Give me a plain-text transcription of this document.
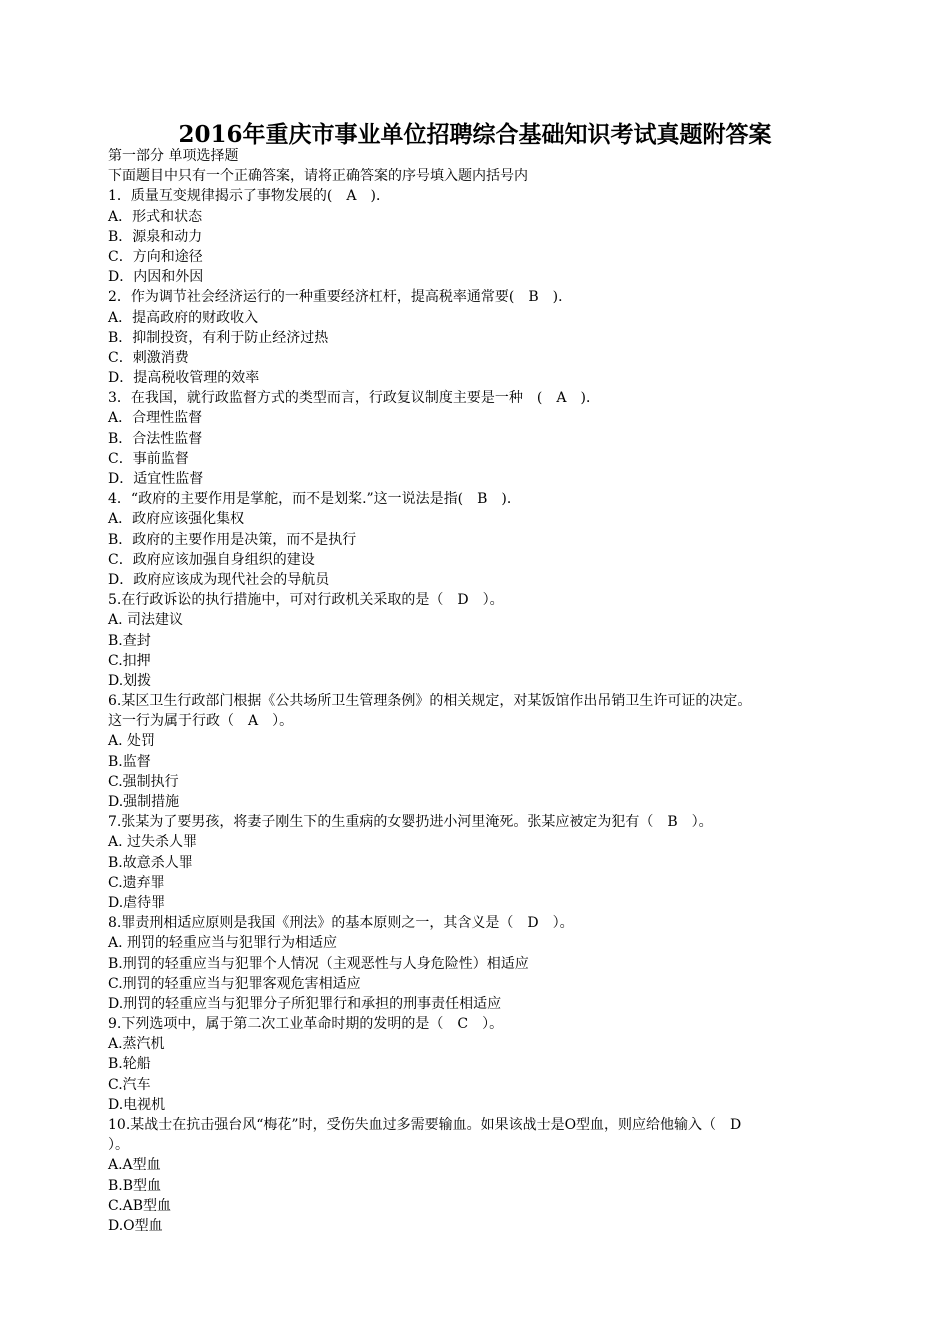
2016年重庆市事业单位招聘综合基础知识考试真题附答案
第一部分 单项选择题
下面题目中只有一个正确答案，请将正确答案的序号填入题内括号内
1．质量互变规律揭示了事物发展的(　A　)．
A．形式和状态
B．源泉和动力
C．方向和途径
D．内因和外因
2．作为调节社会经济运行的一种重要经济杠杆，提高税率通常要(　B　)．
A．提高政府的财政收入
B．抑制投资，有利于防止经济过热
C．刺激消费
D．提高税收管理的效率
3．在我国，就行政监督方式的类型而言，行政复议制度主要是一种　(　A　)．
A．合理性监督
B．合法性监督
C．事前监督
D．适宜性监督
4．“政府的主要作用是掌舵，而不是划桨.”这一说法是指(　B　)．
A．政府应该强化集权
B．政府的主要作用是决策，而不是执行
C．政府应该加强自身组织的建设
D．政府应该成为现代社会的导航员
5.在行政诉讼的执行措施中，可对行政机关采取的是（　D　）。
A. 司法建议
B.查封
C.扣押
D.划拨
6.某区卫生行政部门根据《公共场所卫生管理条例》的相关规定，对某饭馆作出吊销卫生许可证的决定。
这一行为属于行政（　A　）。
A. 处罚
B.监督
C.强制执行
D.强制措施
7.张某为了要男孩，将妻子刚生下的生重病的女婴扔进小河里淹死。张某应被定为犯有（　B　）。
A. 过失杀人罪
B.故意杀人罪
C.遗弃罪
D.虐待罪
8.罪责刑相适应原则是我国《刑法》的基本原则之一，其含义是（　D　）。
A. 刑罚的轻重应当与犯罪行为相适应
B.刑罚的轻重应当与犯罪个人情况（主观恶性与人身危险性）相适应
C.刑罚的轻重应当与犯罪客观危害相适应
D.刑罚的轻重应当与犯罪分子所犯罪行和承担的刑事责任相适应
9.下列选项中，属于第二次工业革命时期的发明的是（　C　）。
A.蒸汽机
B.轮船
C.汽车
D.电视机
10.某战士在抗击强台风“梅花”时，受伤失血过多需要输血。如果该战士是O型血，则应给他输入（　D
）。
A.A型血
B.B型血
C.AB型血
D.O型血
